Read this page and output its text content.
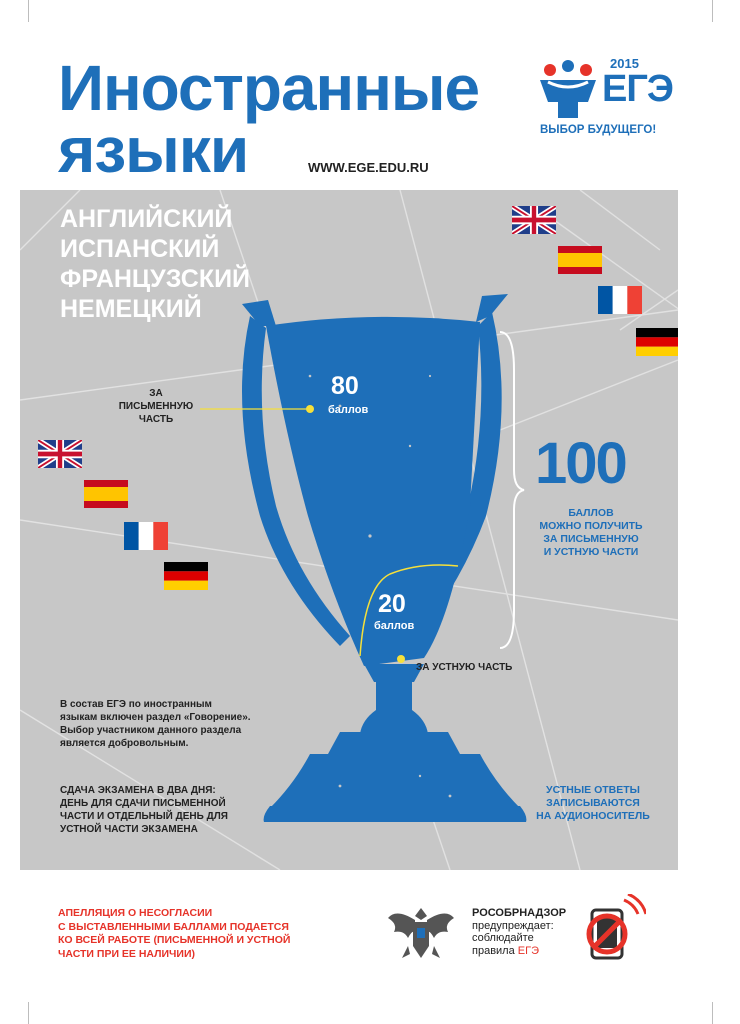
Иностранные
языки	WWW.EGE.EDU.RU
2015
ЕГЭ
ВЫБОР БУДУЩЕГО!
АНГЛИЙСКИЙ
ИСПАНСКИЙ
ФРАНЦУЗСКИЙ
НЕМЕЦКИЙ
80
баллов
ЗА
ПИСЬМЕННУЮ
ЧАСТЬ
20
баллов
ЗА УСТНУЮ ЧАСТЬ
100
БАЛЛОВ
МОЖНО ПОЛУЧИТЬ
ЗА ПИСЬМЕННУЮ
И УСТНУЮ ЧАСТИ
В состав ЕГЭ по иностранным
языкам включен раздел «Говорение».
Выбор участником данного раздела
является добровольным.
СДАЧА ЭКЗАМЕНА В ДВА ДНЯ:
ДЕНЬ ДЛЯ СДАЧИ ПИСЬМЕННОЙ
ЧАСТИ И ОТДЕЛЬНЫЙ ДЕНЬ ДЛЯ
УСТНОЙ ЧАСТИ ЭКЗАМЕНА
УСТНЫЕ ОТВЕТЫ
ЗАПИСЫВАЮТСЯ
НА АУДИОНОСИТЕЛЬ
АПЕЛЛЯЦИЯ О НЕСОГЛАСИИ
С ВЫСТАВЛЕННЫМИ БАЛЛАМИ ПОДАЕТСЯ
КО ВСЕЙ РАБОТЕ (ПИСЬМЕННОЙ И УСТНОЙ
ЧАСТИ ПРИ ЕЕ НАЛИЧИИ)
РОСОБРНАДЗОР
предупреждает:
соблюдайте
правила ЕГЭ
